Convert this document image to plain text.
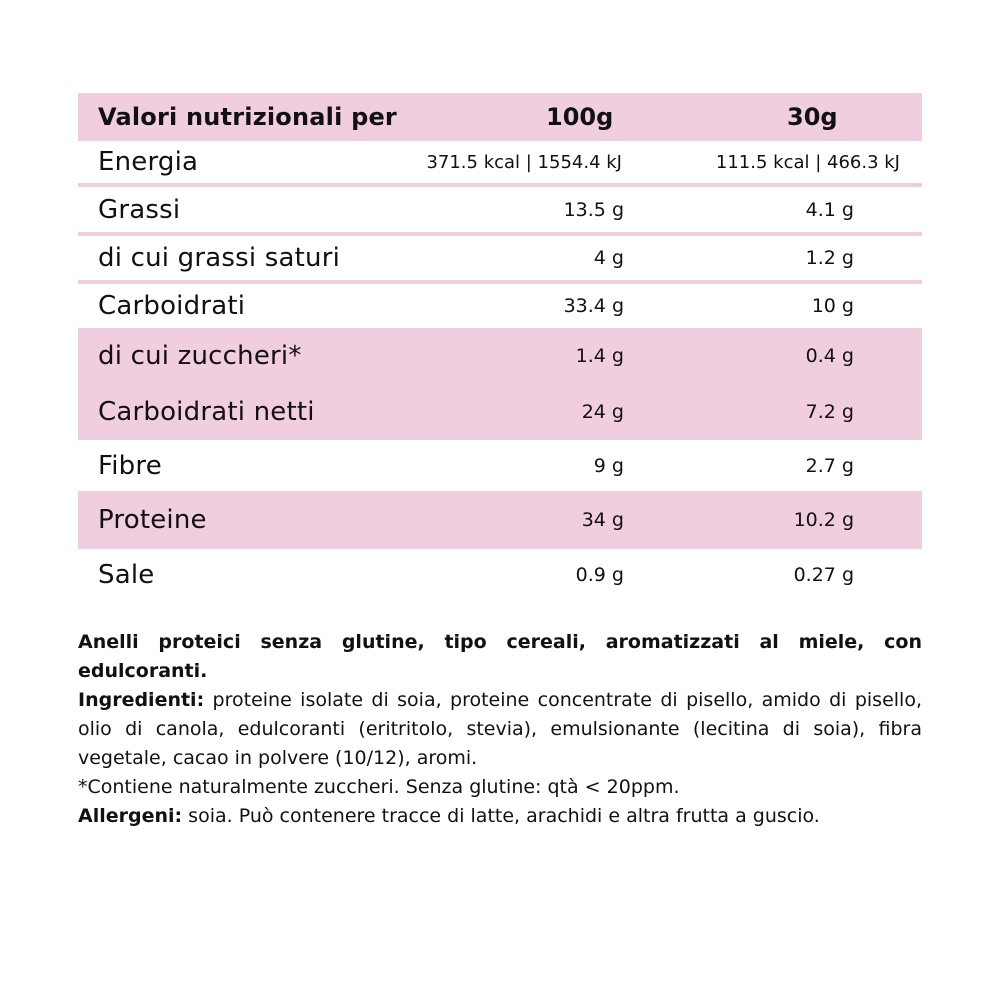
Valori nutrizionali per	100g	30g
Energia	371.5 kcal | 1554.4 kJ	111.5 kcal | 466.3 kJ
Grassi	13.5 g	4.1 g
di cui grassi saturi	4 g	1.2 g
Carboidrati	33.4 g	10 g
di cui zuccheri*	1.4 g	0.4 g
Carboidrati netti	24 g	7.2 g
Fibre	9 g	2.7 g
Proteine	34 g	10.2 g
Sale	0.9 g	0.27 g

Anelli proteici senza glutine, tipo cereali, aromatizzati al miele, con edulcoranti.

Ingredienti: proteine isolate di soia, proteine concentrate di pisello, amido di pisello, olio di canola, edulcoranti (eritritolo, stevia), emulsionante (lecitina di soia), fibra vegetale, cacao in polvere (10/12), aromi.

*Contiene naturalmente zuccheri. Senza glutine: qtà < 20ppm.

Allergeni: soia. Può contenere tracce di latte, arachidi e altra frutta a guscio.
